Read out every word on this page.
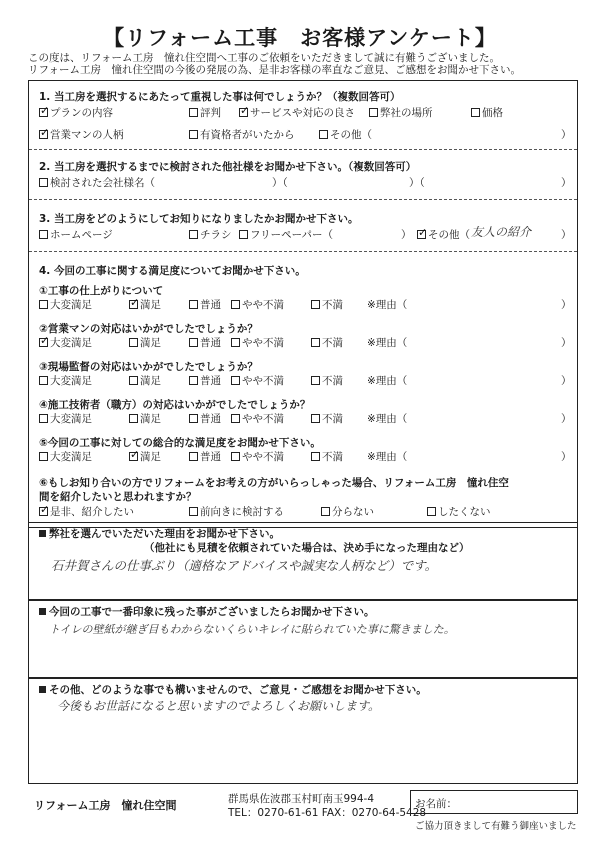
【リフォーム工事　お客様アンケート】
この度は、リフォーム工房　憧れ住空間へ工事のご依頼をいただきまして誠に有難うございました。
リフォーム工房　憧れ住空間の今後の発展の為、是非お客様の率直なご意見、ご感想をお聞かせ下さい。
1. 当工房を選択するにあたって重視した事は何でしょうか？（複数回答可）
✓
プランの内容	評判 ✓	サービスや対応の良さ 弊社の場所	価格
✓
営業マンの人柄	有資格者がいたから	その他（	）
2. 当工房を選択するまでに検討された他社様をお聞かせ下さい。（複数回答可）
検討された会社様名（	）（	）（	）
3. 当工房をどのようにしてお知りになりましたかお聞かせ下さい。
ホームページ	チラシ フリーペーパー（	） ✓ その他（ 友人の紹介	）
4. 今回の工事に関する満足度についてお聞かせ下さい。
①工事の仕上がりについて
大変満足 ✓	満足	普通 やや不満	不満 ※理由（	）
②営業マンの対応はいかがでしたでしょうか？
✓
大変満足	満足	普通 やや不満	不満 ※理由（	）
③現場監督の対応はいかがでしたでしょうか？
大変満足	満足	普通 やや不満	不満 ※理由（	）
④施工技術者（職方）の対応はいかがでしたでしょうか？
大変満足	満足	普通 やや不満	不満 ※理由（	）
⑤今回の工事に対しての総合的な満足度をお聞かせ下さい。
大変満足 ✓	満足	普通 やや不満	不満 ※理由（	）
⑥もしお知り合いの方でリフォームをお考えの方がいらっしゃった場合、リフォーム工房　憧れ住空
間を紹介したいと思われますか？
✓
是非、紹介したい	前向きに検討する	分らない	したくない
弊社を選んでいただいた理由をお聞かせ下さい。
（他社にも見積を依頼されていた場合は、決め手になった理由など）
石井賀さんの仕事ぶり（適格なアドバイスや誠実な人柄など）です。
今回の工事で一番印象に残った事がございましたらお聞かせ下さい。
トイレの壁紙が継ぎ目もわからないくらいキレイに貼られていた事に驚きました。
その他、どのような事でも構いませんので、ご意見・ご感想をお聞かせ下さい。
今後もお世話になると思いますのでよろしくお願いします。
リフォーム工房　憧れ住空間	群馬県佐波郡玉村町南玉994-4
TEL：0270-61-61 FAX：0270-64-5428
お名前：
ご協力頂きまして有難う御座いました
